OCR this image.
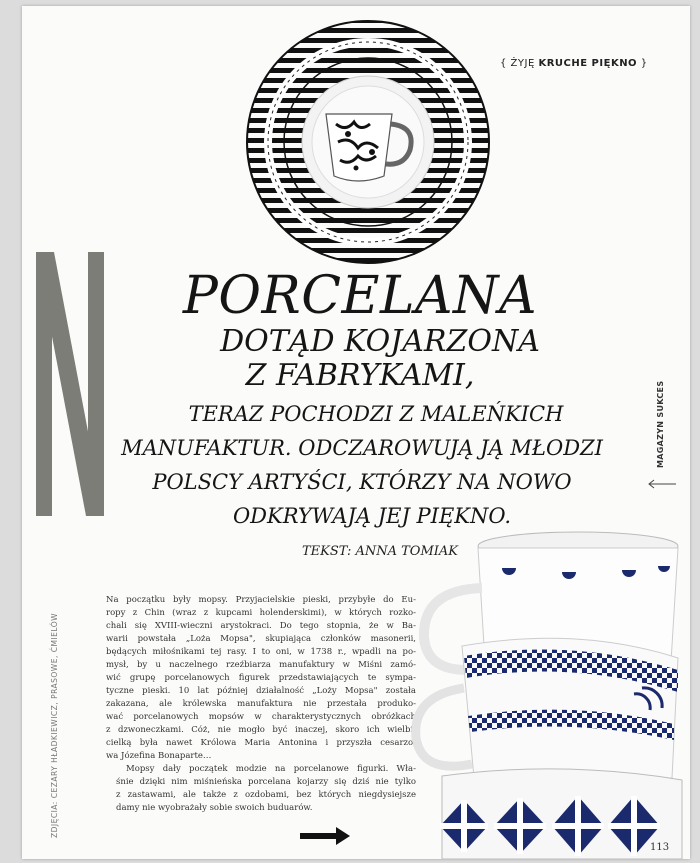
{ ŻYJĘ KRUCHE PIĘKNO }
PORCELANA
DOTĄD KOJARZONA
Z FABRYKAMI,
TERAZ POCHODZI Z MALEŃKICH
MANUFAKTUR. ODCZAROWUJĄ JĄ MŁODZI
POLSCY ARTYŚCI, KTÓRZY NA NOWO
ODKRYWAJĄ JEJ PIĘKNO.
TEKST: ANNA TOMIAK

Na początku były mopsy. Przyjacielskie pieski, przybyłe do Eu-
ropy z Chin (wraz z kupcami holenderskimi), w których rozko-
chali się XVIII-wieczni arystokraci. Do tego stopnia, że w Ba-
warii powstała „Loża Mopsa", skupiająca członków masonerii,
będących miłośnikami tej rasy. I to oni, w 1738 r., wpadli na po-
mysł, by u naczelnego rzeźbiarza manufaktury w Miśni zamó-
wić grupę porcelanowych figurek przedstawiających te sympa-
tyczne pieski. 10 lat później działalność „Loży Mopsa" została
zakazana, ale królewska manufaktura nie przestała produko-
wać porcelanowych mopsów w charakterystycznych obróżkach
z dzwoneczkami. Cóż, nie mogło być inaczej, skoro ich wielbi-
cielką była nawet Królowa Maria Antonina i przyszła cesarzo-
wa Józefina Bonaparte…

Mopsy dały początek modzie na porcelanowe figurki. Wła-
śnie dzięki nim miśnieńska porcelana kojarzy się dziś nie tylko
z zastawami, ale także z ozdobami, bez których niegdysiejsze
damy nie wyobrażały sobie swoich buduarów.

ZDJĘCIA: CEZARY HŁADKIEWICZ, PRASOWE, ĆMIELÓW
MAGAZYN SUKCES
113
